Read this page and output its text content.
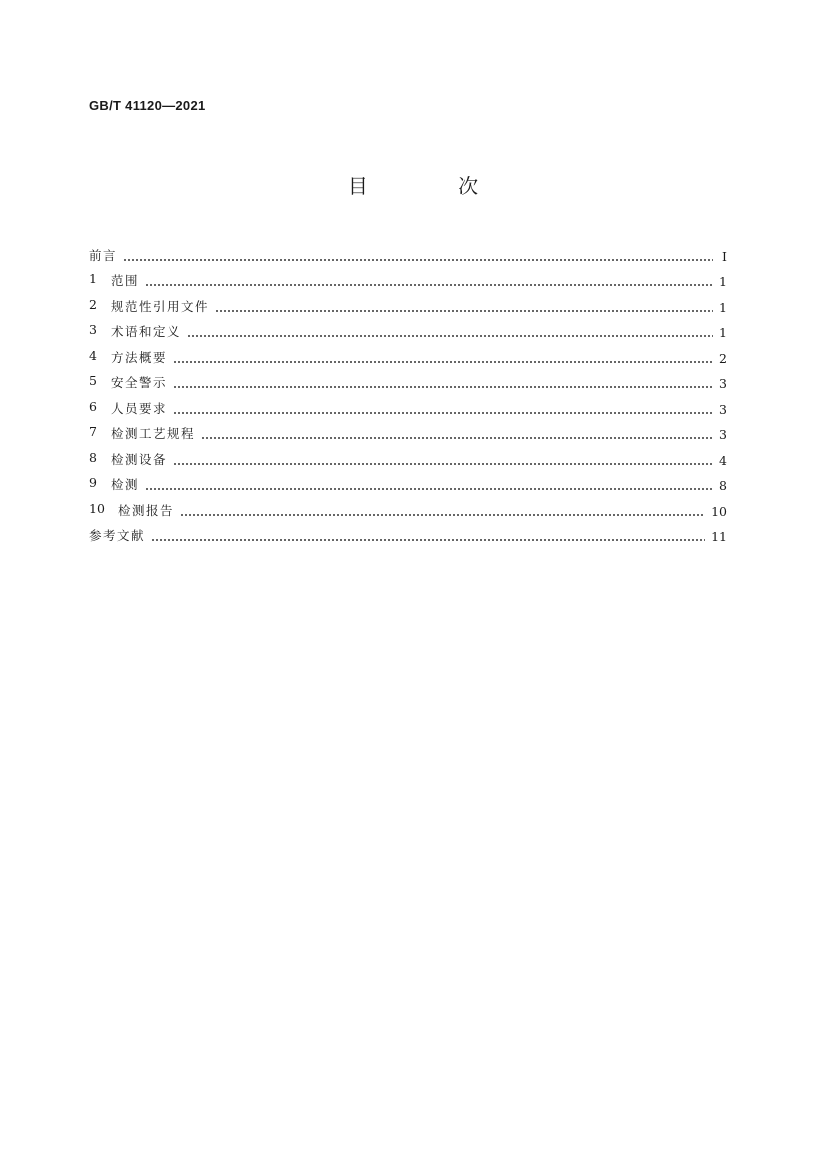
GB/T 41120—2021
目 次
前言	Ⅰ
1	范围	1
2	规范性引用文件	1
3	术语和定义	1
4	方法概要	2
5	安全警示	3
6	人员要求	3
7	检测工艺规程	3
8	检测设备	4
9	检测	8
10	检测报告	10
参考文献	11
